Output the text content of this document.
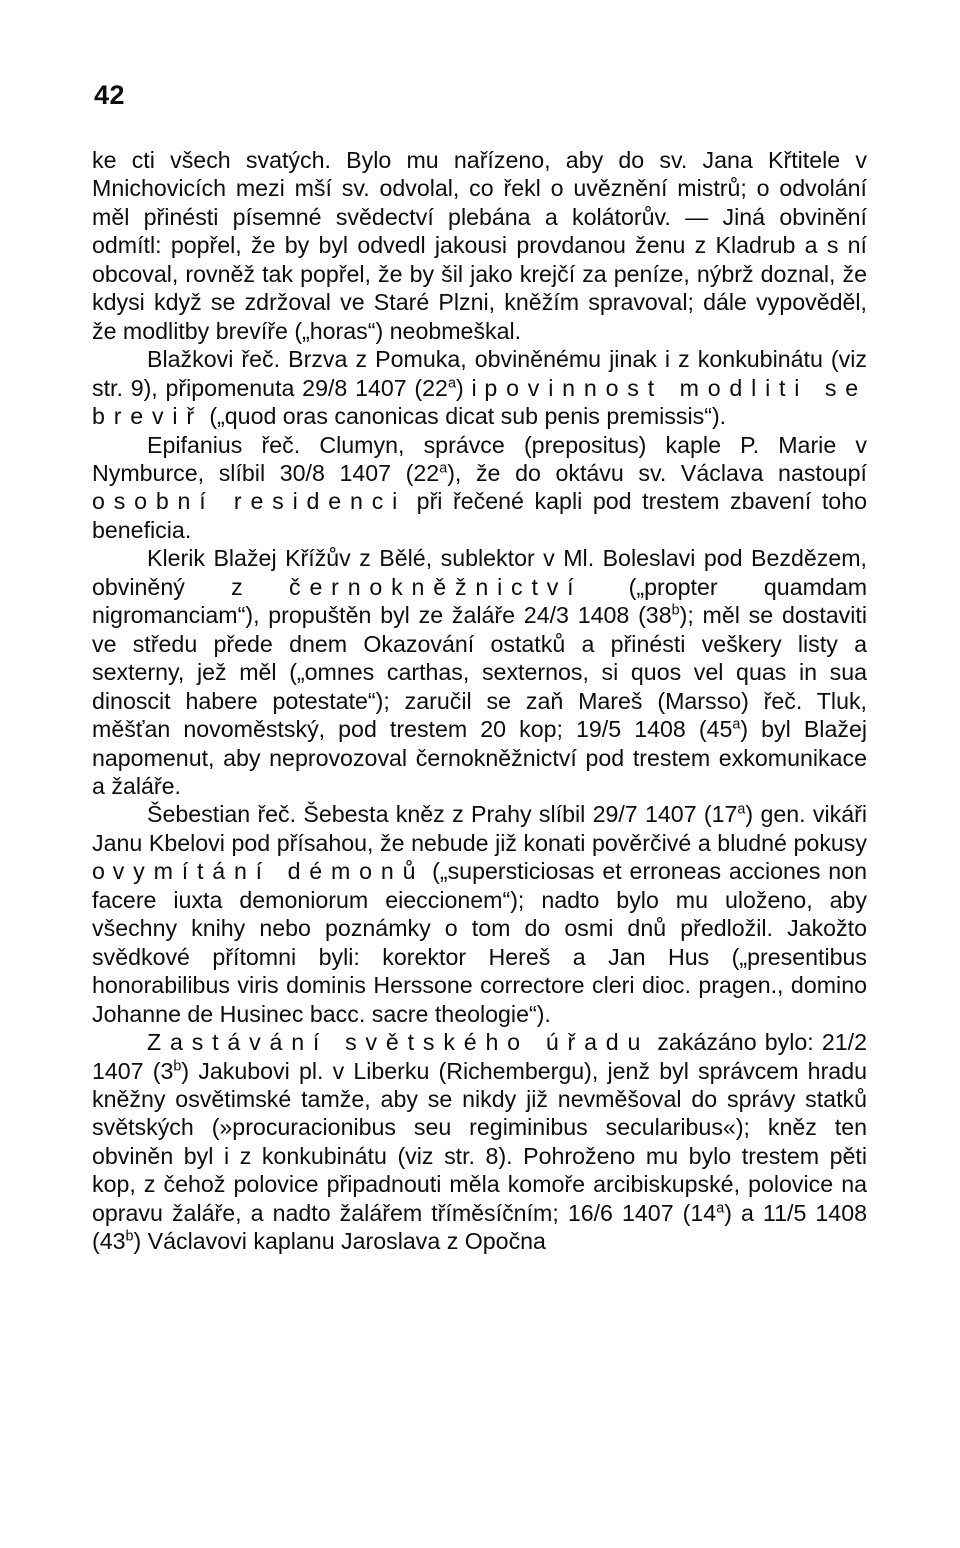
42

ke cti všech svatých. Bylo mu nařízeno, aby do sv. Jana Křtitele v Mnichovicích mezi mší sv. odvolal, co řekl o uvěznění mistrů; o odvolání měl přinésti písemné svědectví plebána a kolátorův. — Jiná obvinění odmítl: popřel, že by byl odvedl jakousi provdanou ženu z Kladrub a s ní obcoval, rovněž tak popřel, že by šil jako krejčí za peníze, nýbrž doznal, že kdysi když se zdržoval ve Staré Plzni, kněžím spravoval; dále vypověděl, že modlitby brevíře („horas“) neobmeškal.

Blažkovi řeč. Brzva z Pomuka, obviněnému jinak i z konkubinátu (viz str. 9), připomenuta 29/8 1407 (22$^a$) i povinnost modliti se breviř („quod oras canonicas dicat sub penis premissis“).

Epifanius řeč. Clumyn, správce (prepositus) kaple P. Marie v Nymburce, slíbil 30/8 1407 (22$^a$), že do oktávu sv. Václava nastoupí osobní residenci při řečené kapli pod trestem zbavení toho beneficia.

Klerik Blažej Křížův z Bělé, sublektor v Ml. Boleslavi pod Bezdězem, obviněný z černokněžnictví („propter quamdam nigromanciam“), propuštěn byl ze žaláře 24/3 1408 (38$^b$); měl se dostaviti ve středu přede dnem Okazování ostatků a přinésti veškery listy a sexterny, jež měl („omnes carthas, sexternos, si quos vel quas in sua dinoscit habere potestate“); zaručil se zaň Mareš (Marsso) řeč. Tluk, měšťan novoměstský, pod trestem 20 kop; 19/5 1408 (45$^a$) byl Blažej napomenut, aby neprovozoval černokněžnictví pod trestem exkomunikace a žaláře.

Šebestian řeč. Šebesta kněz z Prahy slíbil 29/7 1407 (17$^a$) gen. vikáři Janu Kbelovi pod přísahou, že nebude již konati pověrčivé a bludné pokusy o vymítání démonů („supersticiosas et erroneas acciones non facere iuxta demoniorum eieccionem“); nadto bylo mu uloženo, aby všechny knihy nebo poznámky o tom do osmi dnů předložil. Jakožto svědkové přítomni byli: korektor Hereš a Jan Hus („presentibus honorabilibus viris dominis Herssone correctore cleri dioc. pragen., domino Johanne de Husinec bacc. sacre theologie“).

Zastávání světského úřadu zakázáno bylo: 21/2 1407 (3$^b$) Jakubovi pl. v Liberku (Richembergu), jenž byl správcem hradu kněžny osvětimské tamže, aby se nikdy již nevměšoval do správy statků světských (»procuracionibus seu regiminibus secularibus«); kněz ten obviněn byl i z konkubinátu (viz str. 8). Pohroženo mu bylo trestem pěti kop, z čehož polovice připadnouti měla komoře arcibiskupské, polovice na opravu žaláře, a nadto žalářem tříměsíčním; 16/6 1407 (14$^a$) a 11/5 1408 (43$^b$) Václavovi kaplanu Jaroslava z Opočna
